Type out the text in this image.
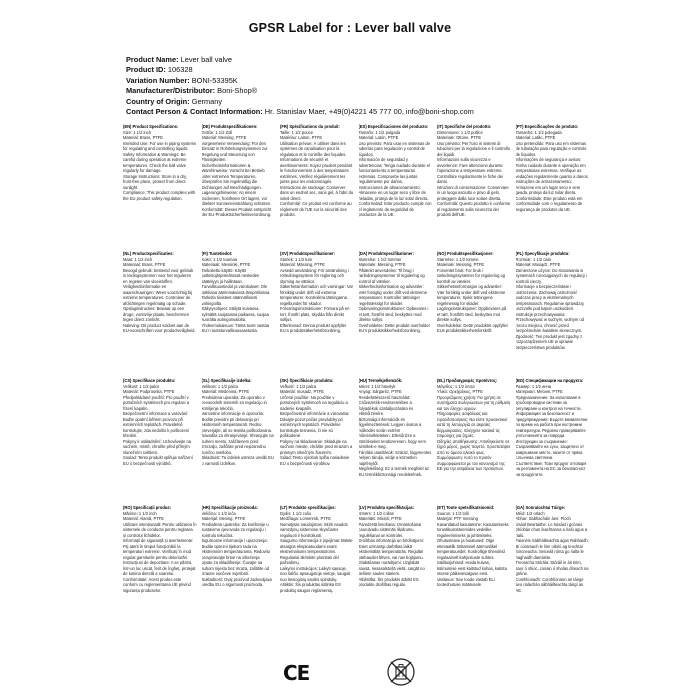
GPSR Label for : Lever ball valve
Product Name: Lever ball valve
Product ID: 106328
Variation Number: BONI-53395K
Manufacturer/Distributor: Boni-Shop®
Country of Origin: Germany
Contact Person & Contact Information: Hr. Stanislav Maer, +49(0)4221 45 777 00, info@boni-shop.com

(EN) Product Specifications:

Size: 1 1/2 inch

Material: Brass, PTFE

Intended Use: For use in piping systems for regulating and controlling liquids.

Safety Information & Warnings: Be careful during operation at extreme temperatures. Check the ball valve regularly for damage.

Storage Instructions: Store in a dry, frost-free place, protect from direct sunlight.

Compliance: This product complies with the EU product safety regulation.

(DE) Produktspezifikationen:

Größe: 1 1/2 Zoll

Material: Messing, PTFE

Vorgesehene Verwendung: Für den Einsatz in Rohrleitungssystemen zur Regelung und Steuerung von Flüssigkeiten.

Sicherheitsinformationen & Warnhinweise: Vorsicht bei Betrieb unter extremen Temperaturen. Überprüfen Sie regelmäßig die Dichtungen auf Beschädigungen.

Lagerungshinweise: An einem trockenen, frostfreien Ort lagern, vor direkter Sonneneinstrahlung schützen.

Konformität: Dieses Produkt entspricht der EU-Produktsicherheitsverordnung.

(FR) Spécifications du produit:

Taille: 1 1/2 pouce

Matériau: Laiton, PTFE

Utilisation prévue: À utiliser dans les systèmes de canalisation pour la régulation et le contrôle des liquides.

Informations de sécurité et avertissements: Soyez prudent pendant le fonctionnement à des températures extrêmes. Vérifiez régulièrement les joints pour les endommagés.

Instructions de stockage: Conserver dans un endroit sec, sans gel, à l'abri du soleil direct.

Conformité: Ce produit est conforme au règlement de l'UE sur la sécurité des produits.

(ES) Especificaciones del producto:

Tamaño: 1 1/2 pulgada

Material: Latón, PTFE

Uso previsto: Para usar en sistemas de tuberías para regulación y control de líquidos.

Información de seguridad y advertencias: Tenga cuidado durante el funcionamiento a temperaturas extremas. Compruebe las juntas regularmente por daños.

Instrucciones de almacenamiento: Almacene en un lugar seco y libre de heladas, proteja de la luz solar directa.

Conformidad: Este producto cumple con el reglamento de seguridad de productos de la UE.

(IT) Specifiche del prodotto:

Dimensione: 1 1/2 pollice

Materiale: Ottone, PTFE

Uso previsto: Per l'uso in sistemi di tubazioni per la regolazione e il controllo dei liquidi.

Informazioni sulla sicurezza e avvertenze: Fare attenzione durante l'operazione a temperature estreme. Controllare regolarmente le fiche dei danni.

Istruzioni di conservazione: Conservare in un luogo asciutto e privo di gelo, proteggere dalla luce solare diretta.

Conformità: Questo prodotto è conforme al regolamento sulla sicurezza dei prodotti dell'UE.

(PT) Especificações do produto:

Tamanho: 1 1/2 polegada

Material: Latão, PTFE

Uso pretendido: Para uso em sistemas de tubulação para regulação e controle de líquidos.

Informações de segurança e avisos: Tenha cuidado durante a operação em temperaturas extremas. Verifique as vedações regularmente quanto a danos.

Instruções de armazenamento: Armazene em um lugar seco e sem geada, proteja da luz solar direta.

Conformidade: Este produto está em conformidade com o regulamento de segurança de produtos da UE.

(NL) Productspecificaties:

Maat: 1 1/2 inch

Materiaal: Brass, PTFE

Beoogd gebruik: bestemd voor gebruik in leidingsystemen voor het reguleren en regelen van vloeistoffen.

Veiligheidsinformatie en waarschuwingen: Wees voorzichtig bij extreme temperaturen. Controleer de afdichtingen regelmatig op schade.

Opslaginstructies: Bewaar op een droge, vorstvrije plaats, beschermen tegen direct zonlicht.

Naleving: Dit product voldoet aan de EU-voorschriften voor productveiligheid.

(FI) Tuotetiedot:

Koko: 1 1/2 tuumaa

Materiaali: Messinki, PTFE

Tarkoitettu käyttö: Käyttö putkistojärjestelmissä nesteiden säätelyyn ja hallintaan.

Turvallisuustiedot ja varoitukset: Ole tarkkana äärimmäisissä lämpötiloissa. Tarkista tiivisteet säännöllisesti vahingoilta.

Säilytysohjeet: Säilytä kuivassa, kylmältä suojatussa paikassa, suojaa suoralta auringonvalolta.

Yhdenmukaisuus: Tämä tuote vastaa EU:n tuoteturvallisuusasetusta.

(SV) Produktspecifikationer:

Storlek: 1 1/2 tum

Material: Mässing, PTFE

Avsedd användning: För användning i rörledningssystem för reglering och styrning av vätskor.

Säkerhetsinformation och varningar: Var försiktig under drift vid extrema temperaturer. Kontrollera tätningarna regelbundet för skador.

Förvaringsinstruktioner: Förvara på en torr, frostfri plats, skydda från direkt solljus.

Efterlevnad: Denna produkt uppfyller EU:s produktsäkerhetsförordning.

(DA) Produktspecifikationer:

Størrelse: 1 1/2 tommer

Materiale: Messing, PTFE

Påtænkt anvendelse: Til brug i rørledningssystemer til regulering og kontrol af væsker.

Sikkerhedsinformation og advarsler: Vær forsigtig under drift ved ekstreme temperaturer. Kontroller tætninger regelmæssigt for skader.

Opbevaringsinstruktioner: Opbevares i et tørt, frostfrit sted, beskyttes mod direkte sollys.

Overholdelse: Dette produkt overholder EU's produktsikkerhedsforordning.

(NO) Produktspesifikasjoner:

Størrelse: 1 1/2 tomme

Materiale: Messing, PTFE

Forventet bruk: For bruk i rørledningssystemer for regulering og kontroll av væsker.

Sikkerhetsinformasjon og advarsler: Vær forsiktig under drift ved ekstreme temperaturer. Sjekk tetningene regelmessig for skader.

Lagringsinstruksjoner: Oppbevares på et tørt, frostfritt sted, beskyttes mot direkte sollys.

Overholdelse: Dette produktet oppfyller EUs produktsikkerhetsforskrift.

(PL) Specyfikacje produktu:

Rozmiar: 1 1/2 cala

Materiał: Mosiądz, PTFE

Zamierzone użycie: Do stosowania w systemach rurociągowych do regulacji i kontroli cieczy.

Informacje o bezpieczeństwie i ostrzeżenia: Zachowaj ostrożność podczas pracy w ekstremalnych temperaturach. Regularnie sprawdzaj uszczelki pod kątem uszkodzeń.

Instrukcje przechowywania: Przechowywać w suchym, wolnym od mrozu miejscu, chronić przed bezpośrednim światłem słonecznym.

Zgodność: Ten produkt jest zgodny z rozporządzeniem UE w sprawie bezpieczeństwa produktów.

(CS) Specifikace produktu:

Velikost: 1 1/2 palce

Materiál: Podprosnka, PTFE

Předpokládané použití: Pro použití v potrubních systémech pro regulaci a řízení kapalin.

Bezpečnostní informace a varování: Buďte opatrní během provozu při extrémních teplotách. Pravidelně kontrolujte, zda nedošlo k poškození těsnění.

Pokyny k uskladnění: Uchovávejte na suchém, místě, chraňte před přímým slunečním světlem.

Soulad: Tento produkt splňuje nařízení EU o bezpečnosti výrobků.

(SL) Specifikacije izdelka:

Velikost: 1 1/2 palca

Material: Medenina, PTFE

Predvidena uporaba: Za uporabo v cevovodnih sistemih za regulacijo in krmiljenje tekočin.

Varnostne informacije in opozorila: Bodite previdni pri delovanju pri ekstremnih temperaturah. Redno preverjajte, ali so tesnila poškodovana.

Navodila za shranjevanje: Shranjujte na suhem mestu, zaščitenem pred zmrzaljo, zaščitite pred neposredno sončno svetlobo.

Skladnost: Ta izdelek ustreza uredbi EU o varnosti izdelkov.

(SK) Špecifikácie produktu:

Veľkosť: 1 1/2 palca

Materiál: mosadz, PTFE

Určené použitie: Na použitie v potrubných systémoch na reguláciu a riadenie kvapalín.

Bezpečnostné informácie a varovania: Dávajte pozor počas prevádzky pri extrémnych teplotách. Pravidelne kontrolujte tesnenia, či nie sú poškodené.

Pokyny na skladovanie: Skladujte na suchom mieste, chráňte pred mrazom a priamym slnečným žiarením.

Súlad: Tento výrobok spĺňa nariadenie EÚ o bezpečnosti výrobkov.

(HU) Termékjellemzők:

Méret: 1 1/2 hüvelyk

Anyag: Sárgaréz, PTFE

Rendeltetésszerű használat: Csővezeték-rendszerekben a folyadékok szabályozására és ellenőrzésére.

Biztonsági információk és figyelmeztetések: Legyen óvatos a működés során extrém hőmérsékleteken. Ellenőrizze a tömítéseket rendszeresen, hogy nem sérültek-e meg.

Tárolási utasítások: Száraz, fagymentes helyen tárolja, védje a közvetlen napfénytől.

Megfelelőség: Ez a termék megfelel az EU termékbiztonsági rendeletének.

(EL) Προδιαγραφές προϊόντος:

Μέγεθος: 1 1/2 ίντσα

Υλικό: Ορείχαλκος, PTFE

Προοριζόμενη χρήση: Για χρήση σε συστήματα σωληνώσεων για τη ρύθμιση και τον έλεγχο υγρών.

Πληροφορίες ασφάλειας και προειδοποιήσεις: Να είστε προσεκτικοί κατά τη λειτουργία σε ακραίες θερμοκρασίες. Ελέγχετε τακτικά τις τσιμούχες για ζημιές.

Οδηγίες αποθήκευσης: Αποθηκεύστε σε ξηρό μέρος, χωρίς παγετό, προστατέψτε από το άμεσο ηλιακό φως.

Συμμόρφωση: Αυτό το προϊόν συμμορφώνεται με τον κανονισμό της ΕΕ για την ασφάλεια των προϊόντων.

(BG) Спецификации на продукта:

Размер: 1 1/2 инча

Материал: Месинг, PTFE

Предназначение: За използване в тръбопроводни системи за регулиране и контрол на течности.

Информация за безопасност и предупреждения: Бъдете внимателни по време на работа при екстремни температури. Редовно проверявайте уплътненията за повреди.

Инструкции за съхранение: Съхранявайте на сухо, защитено от замръзване място, пазете от пряка слънчева светлина.

Съответствие: Този продукт отговаря на регламента на ЕС за безопасност на продуктите.

(RO) Specificații produs:

Mărime: 1 1/2 inch

Material: Alamă, PTFE

Utilizare intenționată: Pentru utilizarea în sistemele de conducte pentru reglarea și controlul lichidelor.

Informații de siguranță și avertismente: Fiți atent în timpul funcționării la temperaturi extreme. Verificați în mod regulat garniturile pentru deteriorări.

Instrucțiuni de depozitare: A se păstra într-un loc uscat, ferit de îngheț, protejat de lumina directă a soarelui.

Conformitate: Acest produs este conform cu reglementarea UE privind siguranța produselor.

(HR) Specifikacije proizvoda:

Veličina: 1 1/2 inča

Materijal: Mesing, PTFE

Predviđena upotreba: Za korištenje u sustavima cjevovoda za regulaciju i kontrolu tekućina.

Sigurnosne informacije i upozorenja: Budite oprezni tijekom rada na ekstremnim temperaturama. Redovito provjeravajte brtve na oštećenja.

Upute za skladištenje: Čuvajte na suhom mjestu bez mraza, zaštitite od izravne sunčeve svjetlosti.

Sukladnost: Ovaj proizvod zadovoljava uredbu EU o sigurnosti proizvoda.

(LT) Produkto specifikacijos:

Dydis: 1 1/2 colio

Medžiaga: Lomenmb, PTFE

Numatytas naudojimas: Skirti naudoti vamzdynų sistemose skysčiams reguliuoti ir kontroliuoti.

Saugumo informacija ir įspėjimai: Būkite atsargūs eksploatuodami esant ekstremalioms temperatūroms. Reguliariai tikrinkite plombas dėl pažeidimų.

Laikymo instrukcijos: Laikyti sausoje, nuo šalčio apsaugotoje vietoje, saugoti nuo tiesioginių saulės spindulių.

Atitiktis: Šis produktas atitinka ES produktų saugos reglamentą.

(LV) Produkta specifikācijas:

Izmērs: 1 1/2 collas

Materiāls: Misiņš, PTFE

Paredzētā lietošana: Izmantošanai cauruļvadu sistēmās šķidrumu regulēšanai un kontrolei.

Drošības informācija un brīdinājumi: Esiet uzmanīgi darbības laikā ekstremālās temperatūrās. Regulāri pārbaudiet blīves, vai nav bojājumu.

Glabāšanas norādījumi: Uzglabāt sausā, nesasalstošā vietā, sargāt no tiešiem saules stariem.

Atbilstība: Šis produkts atbilst ES produktu drošības regulai.

(ET) Toote spetsifikatsioonid:

Suurus: 1 1/2 tolli

Materjal: PTF messing

Kavandatud kasutamine: Kasutamiseks torustikusüsteemides vedelike reguleerimiseks ja juhtimiseks.

Ohutusteave ja hoiatused: Olge ettevaatlik töötamisel äärmuslikel temperatuuridel. Kontrollige tihendeid regulaarselt kahjustuste suhtes.

Säilitusjuhised: Hoida kuivas, külmumise eest kaitstud kohas, kaitsta otsese päikesevalguse eest.

Vastavus: See toode vastab ELi tooteohutuse määrusele.

(GA) Sonraíochtaí Táirge:

Méid: 1/2 orlach

Ábhar: Sabhacháin áen: Pioch

Úsáid Beartaithe: Le húsáid i gcórais phíobán chun leachtanna a rialú agus a rialú.

Faisnéis Sábháilteachta agus Rabhaidh: Bí cúramach le linn oibriú ag teochtaí foircneacha. Seiceáil rónta go rialta le haghaidh damáiste.

Treoracha Stórála: Stóráil in áit tirim, saor ó shioc, cosain ó sholas díreach na gréine.

Comhlíonadh: Comhlíonann an táirge seo rialachán sábháilteachta táirgí an AE.

CE
